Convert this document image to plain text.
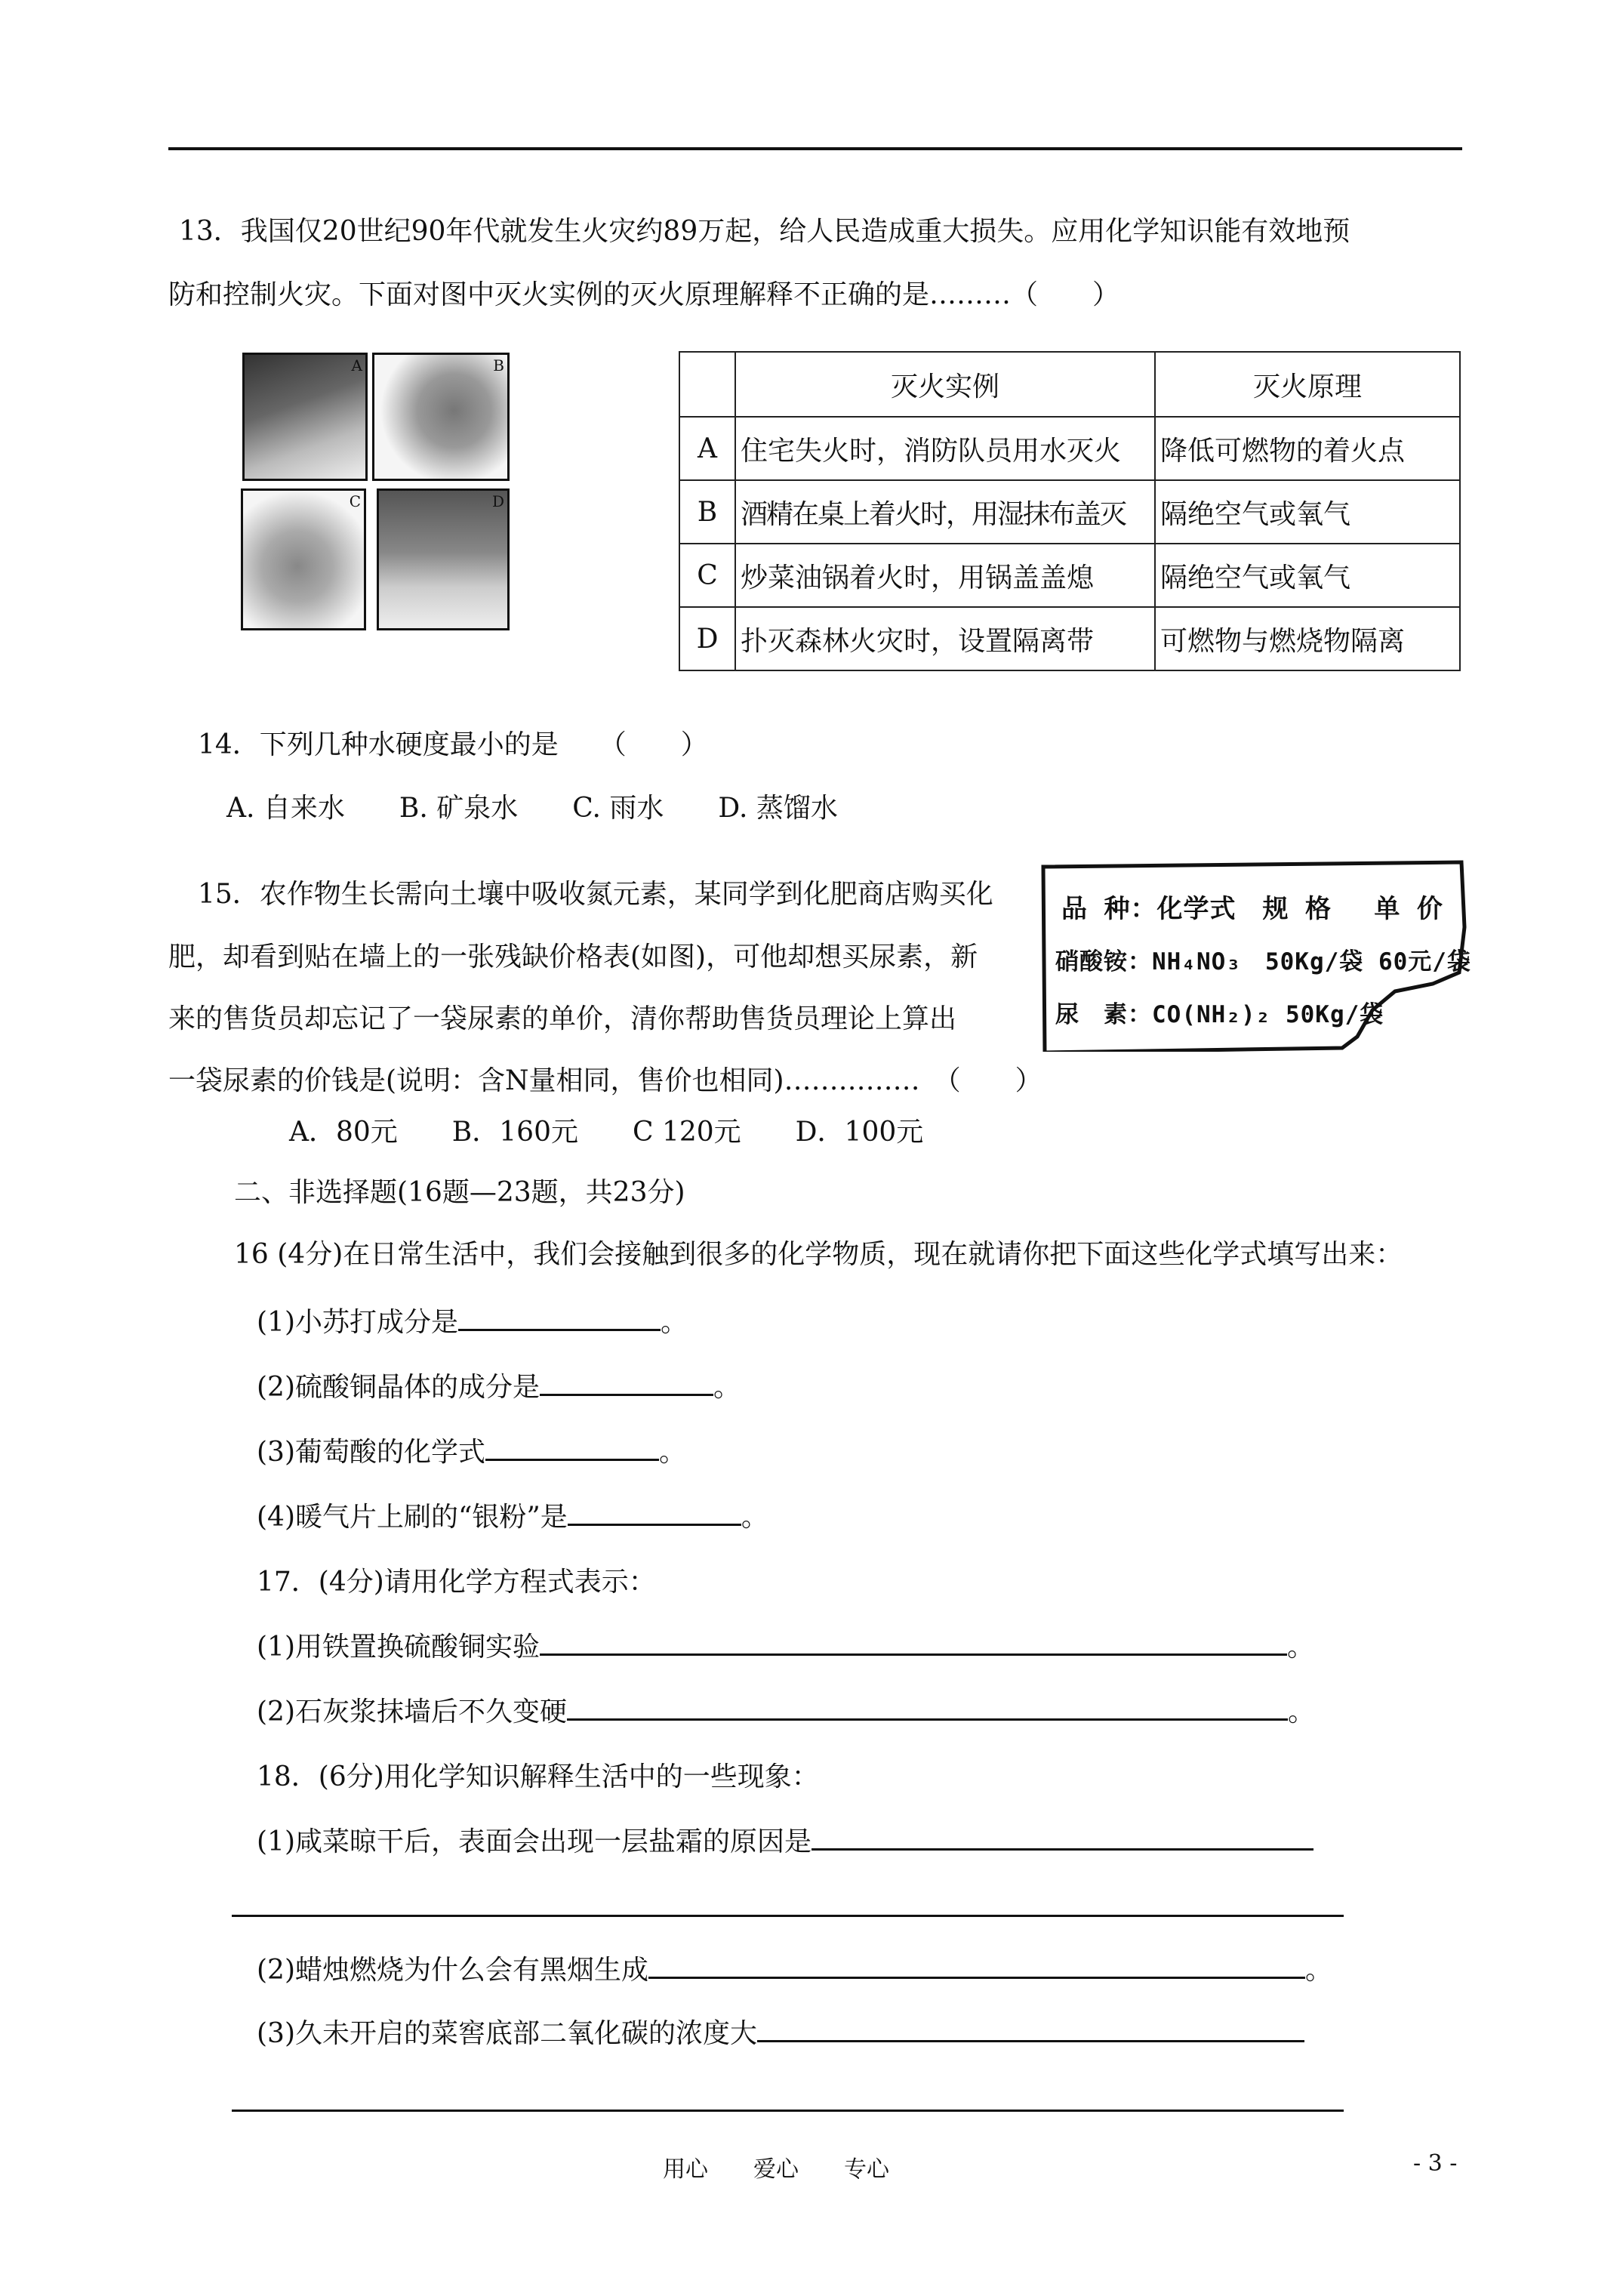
13．我国仅20世纪90年代就发生火灾约89万起，给人民造成重大损失。应用化学知识能有效地预
防和控制火灾。下面对图中灭火实例的灭火原理解释不正确的是………（　　）
A	B
C	D
	灭火实例	灭火原理
A	住宅失火时，消防队员用水灭火	降低可燃物的着火点
B	酒精在桌上着火时，用湿抹布盖灭	隔绝空气或氧气
C	炒菜油锅着火时，用锅盖盖熄	隔绝空气或氧气
D	扑灭森林火灾时，设置隔离带	可燃物与燃烧物隔离
14．下列几种水硬度最小的是　　（　　）
A. 自来水　　B. 矿泉水　　C. 雨水　　D. 蒸馏水
15．农作物生长需向土壤中吸收氮元素，某同学到化肥商店购买化
肥，却看到贴在墙上的一张残缺价格表(如图)，可他却想买尿素，新
来的售货员却忘记了一袋尿素的单价，清你帮助售货员理论上算出
一袋尿素的价钱是(说明：含N量相同，售价也相同)……………　（　　）
A．80元　　B．160元　　C 120元　　D．100元
品 种：化学式　规 格　 单 价
硝酸铵：NH₄NO₃　50Kg/袋 60元/袋
尿　素：CO(NH₂)₂ 50Kg/袋
二、非选择题(16题—23题，共23分)
16 (4分)在日常生活中，我们会接触到很多的化学物质，现在就请你把下面这些化学式填写出来：
(1)小苏打成分是	。
(2)硫酸铜晶体的成分是	。
(3)葡萄酸的化学式	。
(4)暖气片上刷的“银粉”是	。
17．(4分)请用化学方程式表示：
(1)用铁置换硫酸铜实验	。
(2)石灰浆抹墙后不久变硬	。
18．(6分)用化学知识解释生活中的一些现象：
(1)咸菜晾干后，表面会出现一层盐霜的原因是
(2)蜡烛燃烧为什么会有黑烟生成	。
(3)久未开启的菜窖底部二氧化碳的浓度大
用心　　爱心　　专心	- 3 -
